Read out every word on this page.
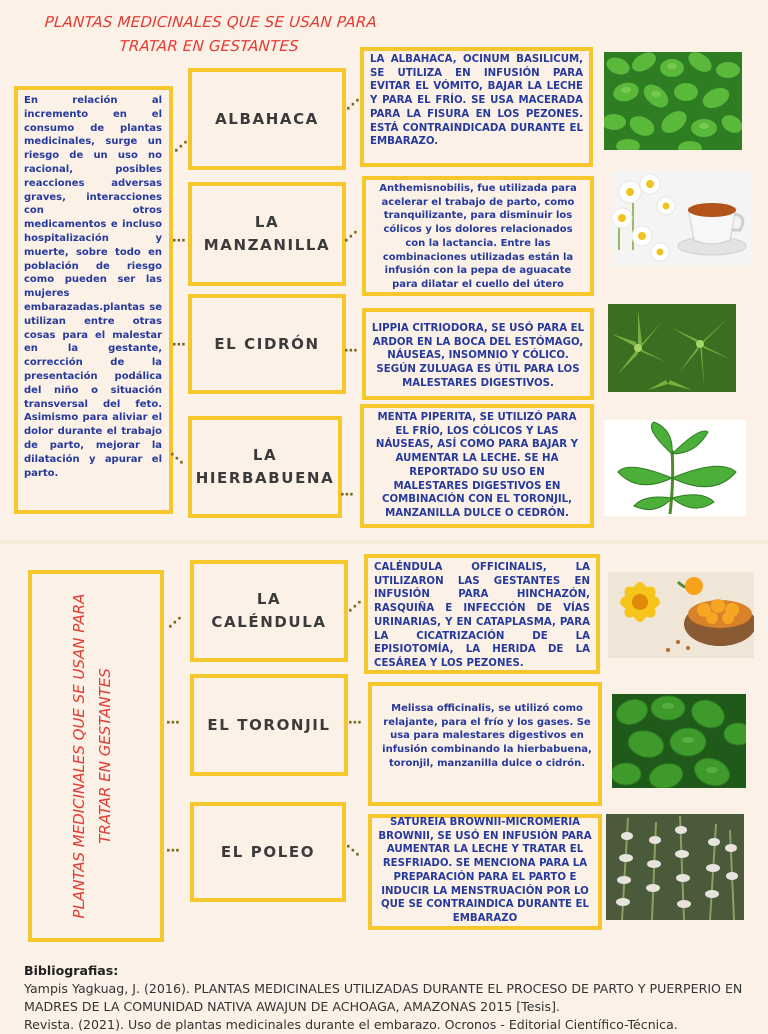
PLANTAS MEDICINALES QUE SE USAN PARA
TRATAR EN GESTANTES
En relación al incremento en el consumo de plantas medicinales, surge un riesgo de un uso no racional, posibles reacciones adversas graves, interacciones con otros medicamentos e incluso hospitalización y muerte, sobre todo en población de riesgo como pueden ser las mujeres embarazadas.plantas se utilizan entre otras cosas para el malestar en la gestante, corrección de la presentación podálica del niño o situación transversal del feto. Asimismo para aliviar el dolor durante el trabajo de parto, mejorar la dilatación y apurar el parto.
⋰
ALBAHACA
⋰
LA ALBAHACA, OCINUM BASILICUM, SE UTILIZA EN INFUSIÓN PARA EVITAR EL VÓMITO, BAJAR LA LECHE Y PARA EL FRÍO. SE USA MACERADA PARA LA FISURA EN LOS PEZONES. ESTÁ CONTRAINDICADA DURANTE EL EMBARAZO.
⋯
LA MANZANILLA ⋰
Anthemisnobilis, fue utilizada para acelerar el trabajo de parto, como tranquilizante, para disminuir los cólicos y los dolores relacionados con la lactancia. Entre las combinaciones utilizadas están la infusión con la pepa de aguacate para dilatar el cuello del útero
⋯	EL CIDRÓN	⋯
LIPPIA CITRIODORA, SE USÓ PARA EL ARDOR EN LA BOCA DEL ESTÓMAGO, NÁUSEAS, INSOMNIO Y CÓLICO. SEGÚN ZULUAGA ES ÚTIL PARA LOS MALESTARES DIGESTIVOS.
⋱	LA HIERBABUENA
⋯
MENTA PIPERITA, SE UTILIZÓ PARA EL FRÍO, LOS CÓLICOS Y LAS NÁUSEAS, ASÍ COMO PARA BAJAR Y AUMENTAR LA LECHE. SE HA REPORTADO SU USO EN MALESTARES DIGESTIVOS EN COMBINACIÓN CON EL TORONJIL, MANZANILLA DULCE O CEDRÓN.
PLANTAS MEDICINALES QUE SE USAN PARA TRATAR EN GESTANTES
⋰
LA CALÉNDULA
⋰
CALÉNDULA OFFICINALIS, LA UTILIZARON LAS GESTANTES EN INFUSIÓN PARA HINCHAZÓN, RASQUIÑA E INFECCIÓN DE VÍAS URINARIAS, Y EN CATAPLASMA, PARA LA CICATRIZACIÓN DE LA EPISIOTOMÍA, LA HERIDA DE LA CESÁREA Y LOS PEZONES.
⋯	EL TORONJIL	⋯
Melissa officinalis, se utilizó como relajante, para el frío y los gases. Se usa para malestares digestivos en infusión combinando la hierbabuena, toronjil, manzanilla dulce o cidrón.
⋯	EL POLEO	⋱
SATUREIA BROWNII-MICROMERIA BROWNII, SE USÓ EN INFUSIÓN PARA AUMENTAR LA LECHE Y TRATAR EL RESFRIADO. SE MENCIONA PARA LA PREPARACIÓN PARA EL PARTO E INDUCIR LA MENSTRUACIÓN POR LO QUE SE CONTRAINDICA DURANTE EL EMBARAZO
Bibliografias:
Yampis Yagkuag, J. (2016). PLANTAS MEDICINALES UTILIZADAS DURANTE EL PROCESO DE PARTO Y PUERPERIO EN MADRES DE LA COMUNIDAD NATIVA AWAJUN DE ACHOAGA, AMAZONAS 2015 [Tesis].
Revista. (2021). Uso de plantas medicinales durante el embarazo. Ocronos - Editorial Científico-Técnica.
